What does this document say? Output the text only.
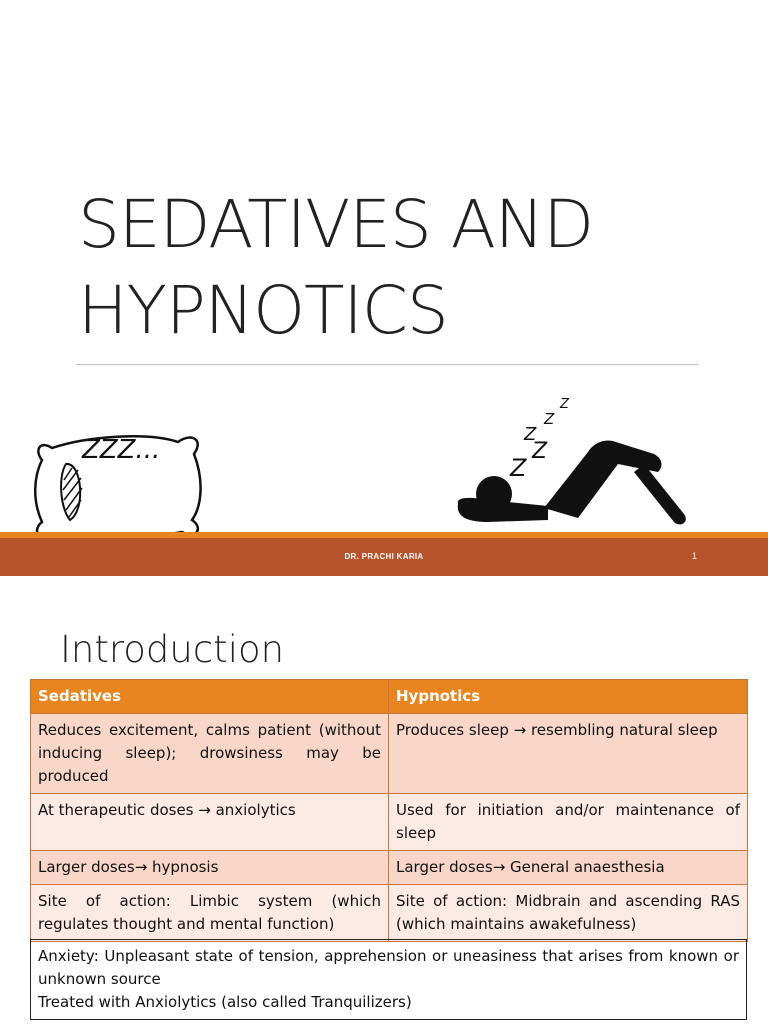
SEDATIVES AND
HYPNOTICS
ZZZ...
Z
Z
Z
Z
Z
DR. PRACHI KARIA	1
Introduction
Sedatives	Hypnotics
Reduces excitement, calms patient (without inducing sleep); drowsiness may be produced	Produces sleep → resembling natural sleep
At therapeutic doses → anxiolytics	Used for initiation and/or maintenance of sleep
Larger doses→ hypnosis	Larger doses→ General anaesthesia
Site of action: Limbic system (which regulates thought and mental function)	Site of action: Midbrain and ascending RAS (which maintains awakefulness)
Anxiety: Unpleasant state of tension, apprehension or uneasiness that arises from known or unknown source
Treated with Anxiolytics (also called Tranquilizers)
